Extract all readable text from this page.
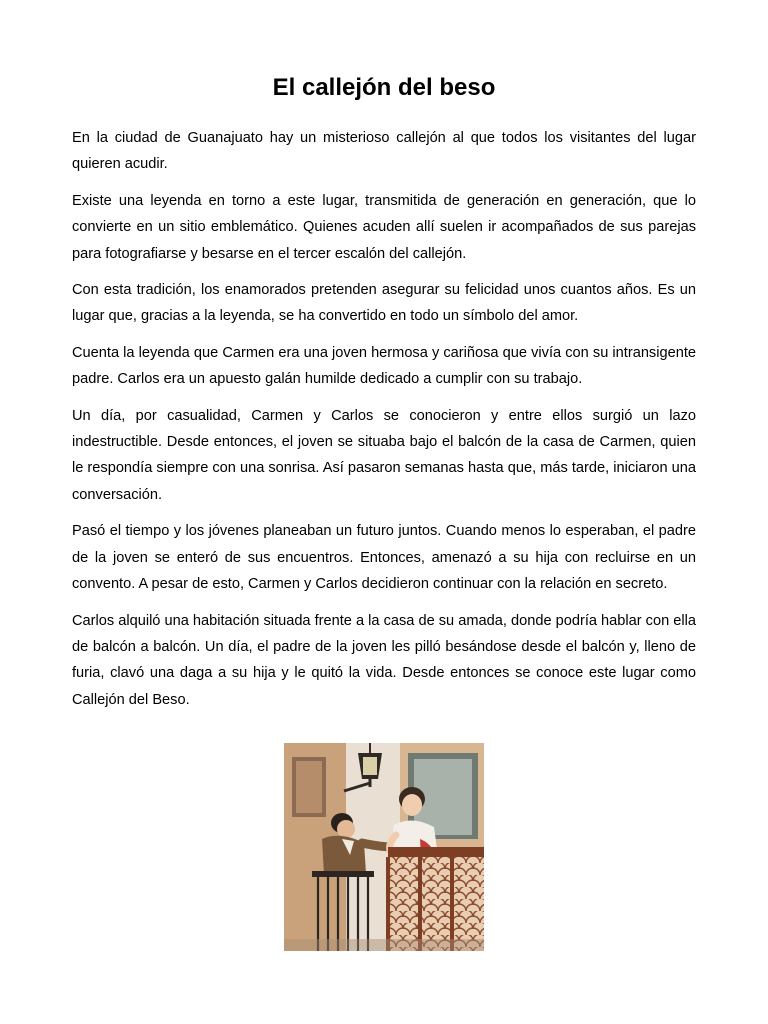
El callejón del beso

En la ciudad de Guanajuato hay un misterioso callejón al que todos los visitantes del lugar quieren acudir.

Existe una leyenda en torno a este lugar, transmitida de generación en generación, que lo convierte en un sitio emblemático. Quienes acuden allí suelen ir acompañados de sus parejas para fotografiarse y besarse en el tercer escalón del callejón.

Con esta tradición, los enamorados pretenden asegurar su felicidad unos cuantos años. Es un lugar que, gracias a la leyenda, se ha convertido en todo un símbolo del amor.

Cuenta la leyenda que Carmen era una joven hermosa y cariñosa que vivía con su intransigente padre. Carlos era un apuesto galán humilde dedicado a cumplir con su trabajo.

Un día, por casualidad, Carmen y Carlos se conocieron y entre ellos surgió un lazo indestructible. Desde entonces, el joven se situaba bajo el balcón de la casa de Carmen, quien le respondía siempre con una sonrisa. Así pasaron semanas hasta que, más tarde, iniciaron una conversación.

Pasó el tiempo y los jóvenes planeaban un futuro juntos. Cuando menos lo esperaban, el padre de la joven se enteró de sus encuentros. Entonces, amenazó a su hija con recluirse en un convento. A pesar de esto, Carmen y Carlos decidieron continuar con la relación en secreto.

Carlos alquiló una habitación situada frente a la casa de su amada, donde podría hablar con ella de balcón a balcón. Un día, el padre de la joven les pilló besándose desde el balcón y, lleno de furia, clavó una daga a su hija y le quitó la vida. Desde entonces se conoce este lugar como Callejón del Beso.
